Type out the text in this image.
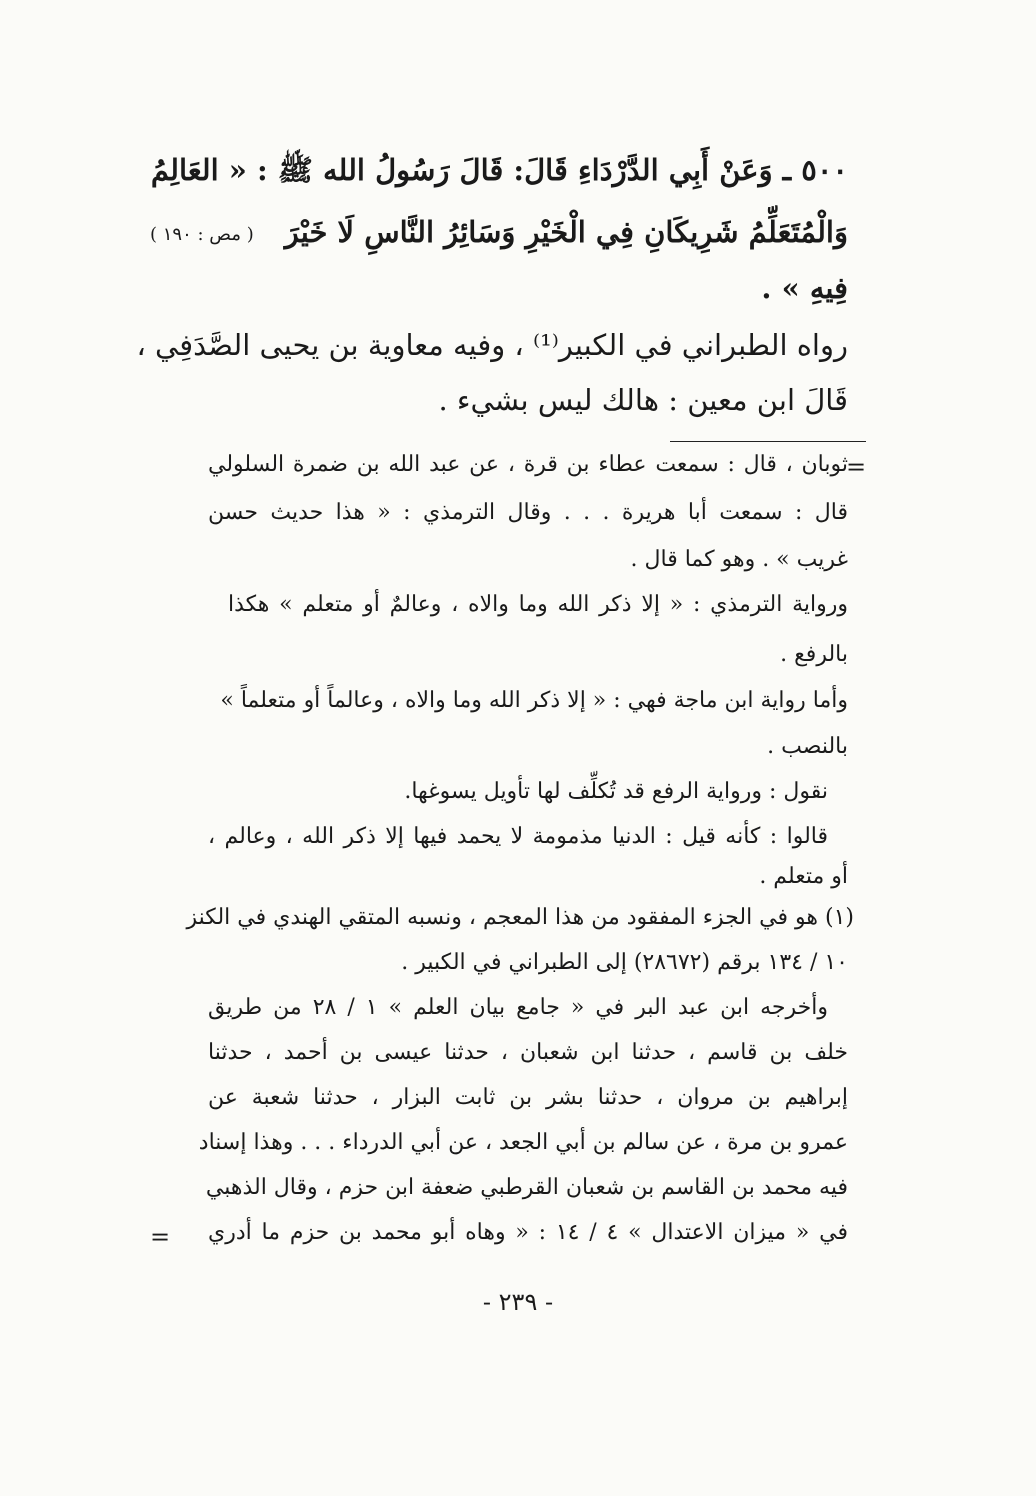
٥٠٠ ـ وَعَنْ أَبِي الدَّرْدَاءِ قَالَ: قَالَ رَسُولُ الله ﷺ : « العَالِمُ
( مص : ١٩٠ ) وَالْمُتَعَلِّمُ شَرِيكَانِ فِي الْخَيْرِ وَسَائِرُ النَّاسِ لَا خَيْرَ
فِيهِ » .
رواه الطبراني في الكبير⁽¹⁾ ، وفيه معاوية بن يحيى الصَّدَفِي ،
قَالَ ابن معين : هالك ليس بشيء .
=
ثوبان ، قال : سمعت عطاء بن قرة ، عن عبد الله بن ضمرة السلولي
قال : سمعت أبا هريرة . . . وقال الترمذي : « هذا حديث حسن
غريب » . وهو كما قال .
ورواية الترمذي : « إلا ذكر الله وما والاه ، وعالمٌ أو متعلم » هكذا
بالرفع .
وأما رواية ابن ماجة فهي : « إلا ذكر الله وما والاه ، وعالماً أو متعلماً »
بالنصب .
نقول : ورواية الرفع قد تُكلِّف لها تأويل يسوغها.
قالوا : كأنه قيل : الدنيا مذمومة لا يحمد فيها إلا ذكر الله ، وعالم ،
أو متعلم .
(١) هو في الجزء المفقود من هذا المعجم ، ونسبه المتقي الهندي في الكنز
١٠ / ١٣٤ برقم (٢٨٦٧٢) إلى الطبراني في الكبير .
وأخرجه ابن عبد البر في « جامع بيان العلم » ١ / ٢٨ من طريق
خلف بن قاسم ، حدثنا ابن شعبان ، حدثنا عيسى بن أحمد ، حدثنا
إبراهيم بن مروان ، حدثنا بشر بن ثابت البزار ، حدثنا شعبة عن
عمرو بن مرة ، عن سالم بن أبي الجعد ، عن أبي الدرداء . . . وهذا إسناد
فيه محمد بن القاسم بن شعبان القرطبي ضعفة ابن حزم ، وقال الذهبي
في « ميزان الاعتدال » ٤ / ١٤ : « وهاه أبو محمد بن حزم ما أدري
=
- ٢٣٩ -
